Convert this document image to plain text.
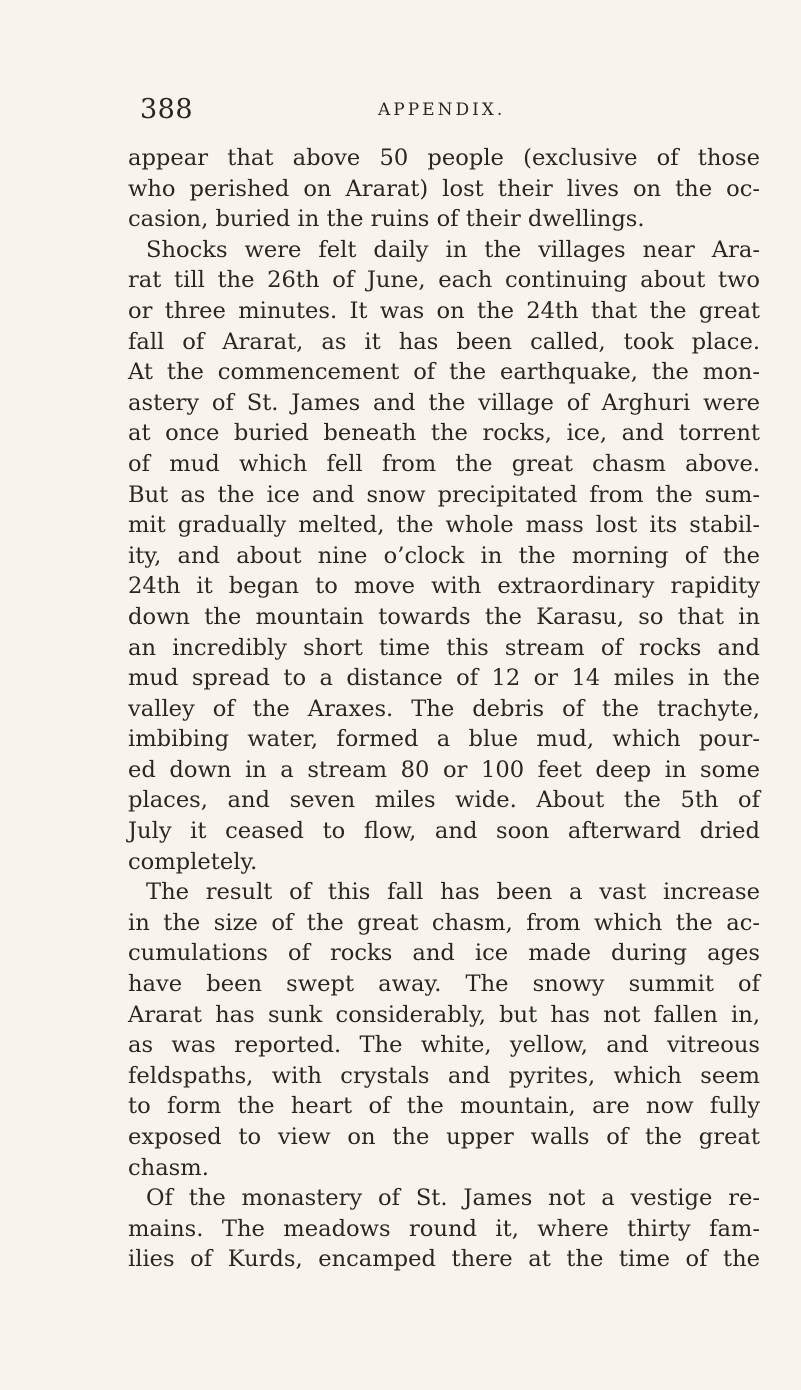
388	APPENDIX.
appear that above 50 people (exclusive of those
who perished on Ararat) lost their lives on the oc-
casion, buried in the ruins of their dwellings.
Shocks were felt daily in the villages near Ara-
rat till the 26th of June, each continuing about two
or three minutes. It was on the 24th that the great
fall of Ararat, as it has been called, took place.
At the commencement of the earthquake, the mon-
astery of St. James and the village of Arghuri were
at once buried beneath the rocks, ice, and torrent
of mud which fell from the great chasm above.
But as the ice and snow precipitated from the sum-
mit gradually melted, the whole mass lost its stabil-
ity, and about nine o’clock in the morning of the
24th it began to move with extraordinary rapidity
down the mountain towards the Karasu, so that in
an incredibly short time this stream of rocks and
mud spread to a distance of 12 or 14 miles in the
valley of the Araxes. The debris of the trachyte,
imbibing water, formed a blue mud, which pour-
ed down in a stream 80 or 100 feet deep in some
places, and seven miles wide. About the 5th of
July it ceased to flow, and soon afterward dried
completely.
The result of this fall has been a vast increase
in the size of the great chasm, from which the ac-
cumulations of rocks and ice made during ages
have been swept away. The snowy summit of
Ararat has sunk considerably, but has not fallen in,
as was reported. The white, yellow, and vitreous
feldspaths, with crystals and pyrites, which seem
to form the heart of the mountain, are now fully
exposed to view on the upper walls of the great
chasm.
Of the monastery of St. James not a vestige re-
mains. The meadows round it, where thirty fam-
ilies of Kurds, encamped there at the time of the
